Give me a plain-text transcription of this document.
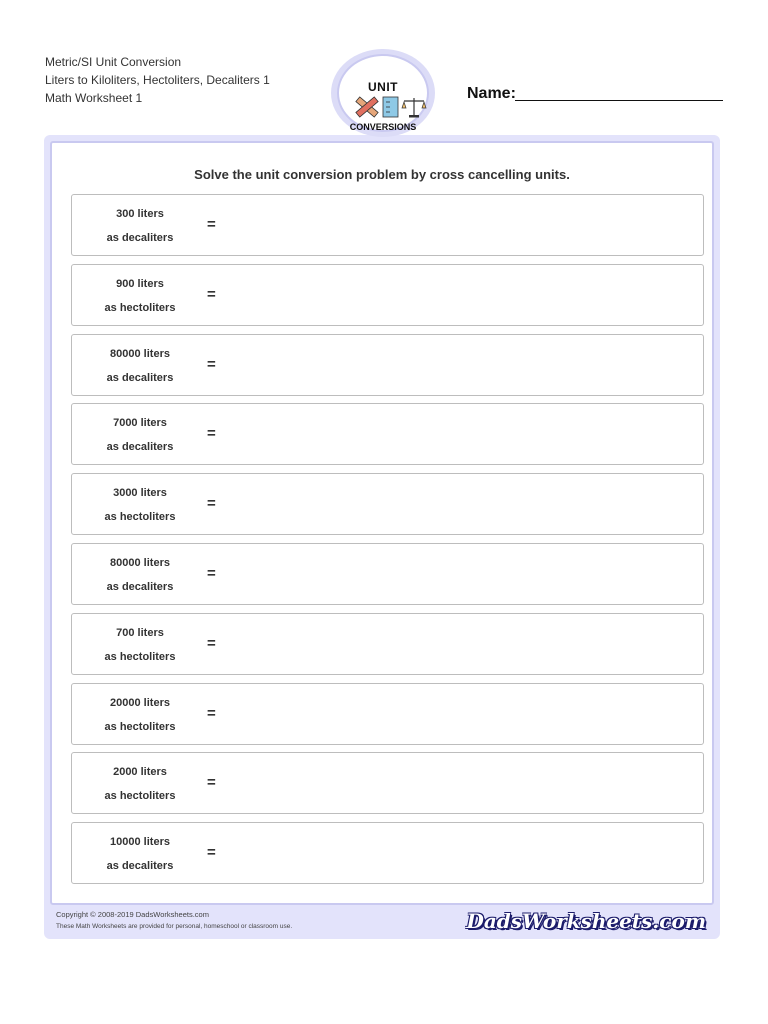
Metric/SI Unit Conversion
Liters to Kiloliters, Hectoliters, Decaliters 1
Math Worksheet 1
UNIT
CONVERSIONS
Name:
Solve the unit conversion problem by cross cancelling units.
300 liters
as decaliters
=
900 liters
as hectoliters
=
80000 liters
as decaliters
=
7000 liters
as decaliters
=
3000 liters
as hectoliters
=
80000 liters
as decaliters
=
700 liters
as hectoliters
=
20000 liters
as hectoliters
=
2000 liters
as hectoliters
=
10000 liters
as decaliters
=
Copyright © 2008-2019 DadsWorksheets.com
These Math Worksheets are provided for personal, homeschool or classroom use.	DadsWorksheets.com
